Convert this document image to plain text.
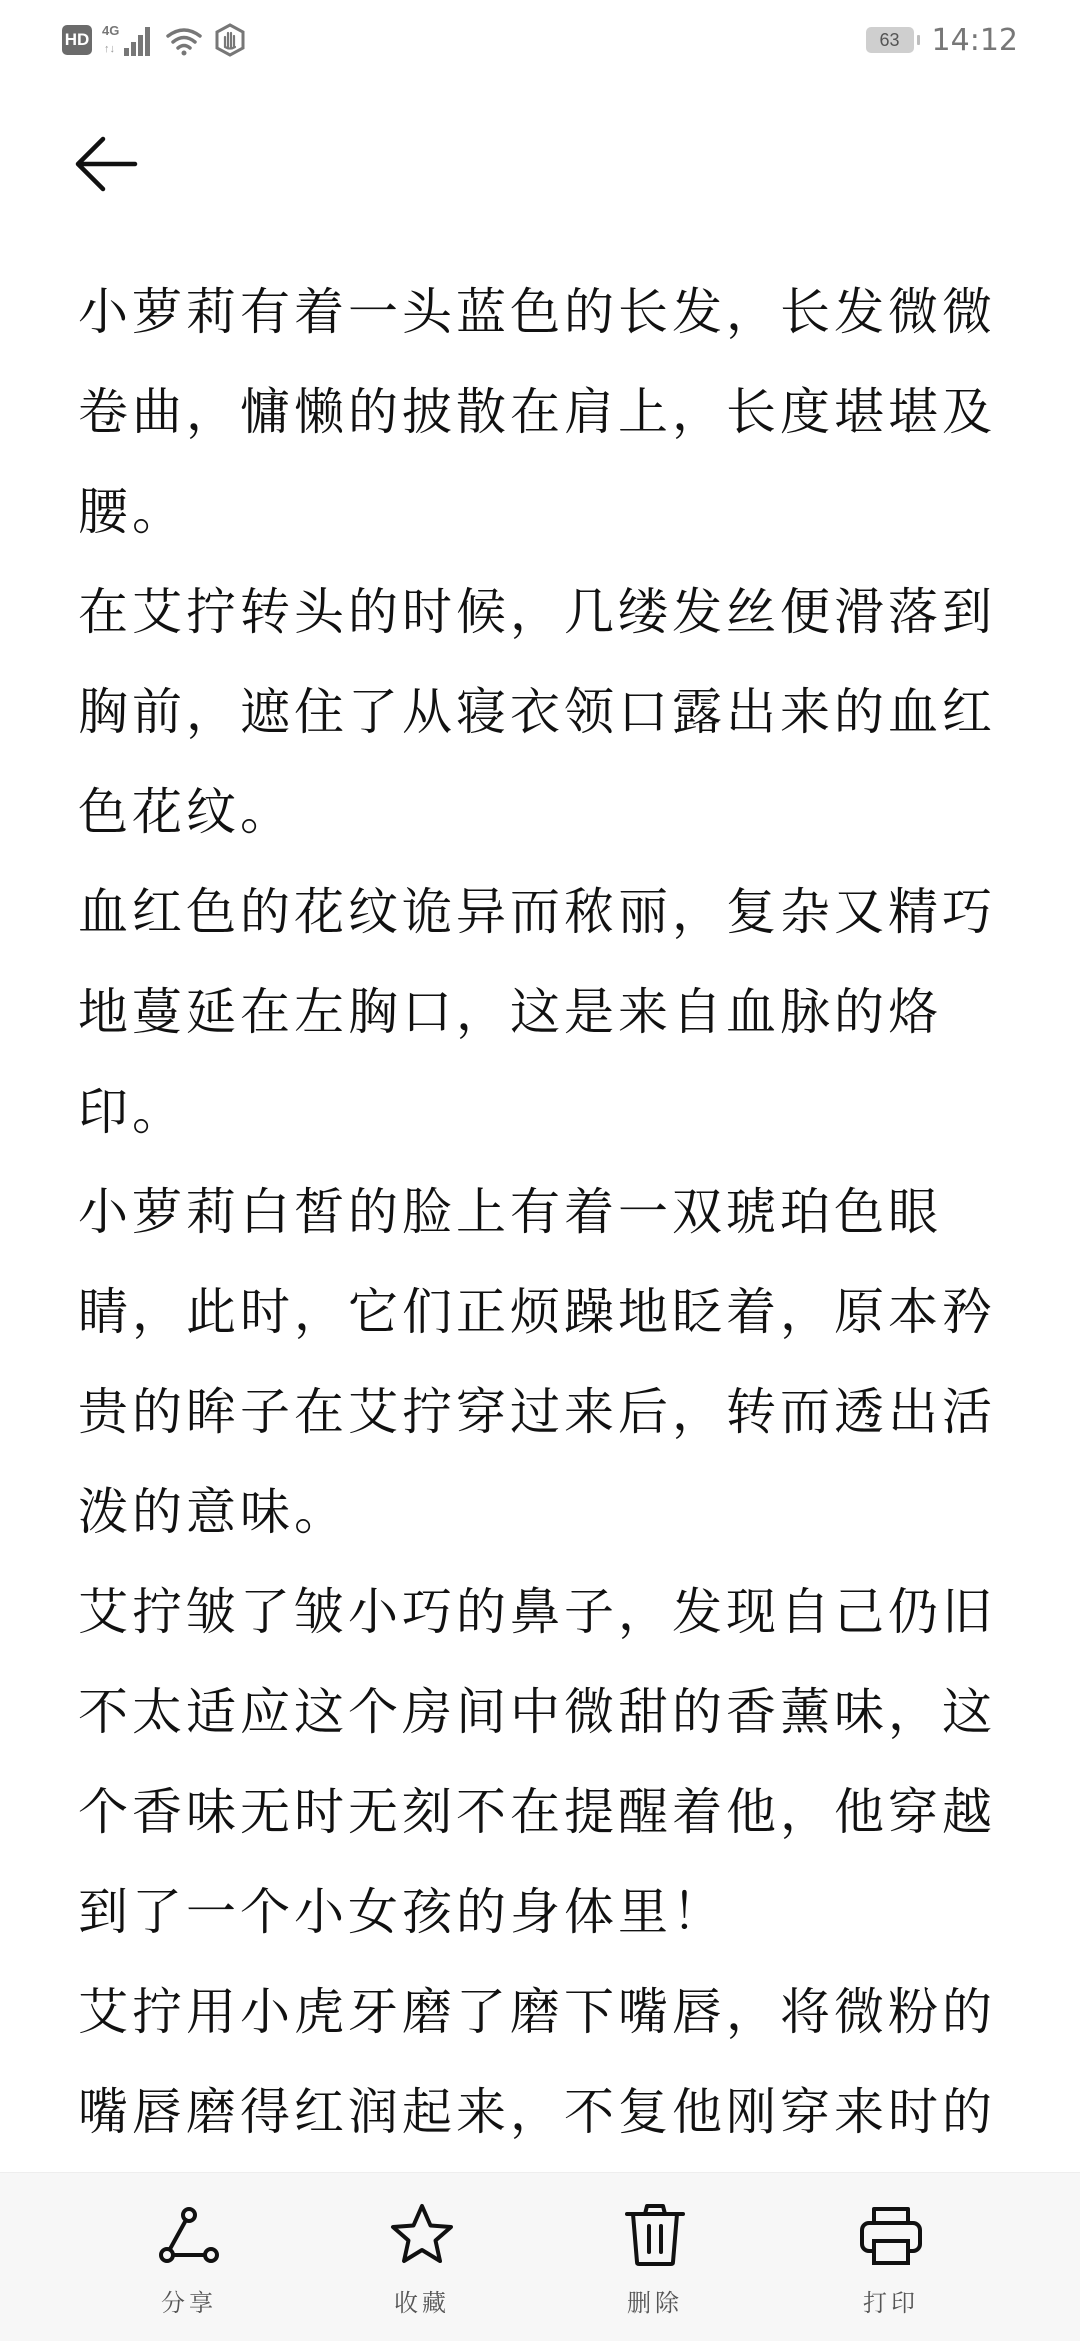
HD 4G
↑↓	63	14:12

小萝莉有着一头蓝色的长发，长发微微卷曲，慵懒的披散在肩上，长度堪堪及腰。

在艾拧转头的时候，几缕发丝便滑落到胸前，遮住了从寝衣领口露出来的血红色花纹。

血红色的花纹诡异而秾丽，复杂又精巧地蔓延在左胸口，这是来自血脉的烙印。

小萝莉白皙的脸上有着一双琥珀色眼睛，此时，它们正烦躁地眨着，原本矜贵的眸子在艾拧穿过来后，转而透出活泼的意味。

艾拧皱了皱小巧的鼻子，发现自己仍旧不太适应这个房间中微甜的香薰味，这个香味无时无刻不在提醒着他，他穿越到了一个小女孩的身体里！

艾拧用小虎牙磨了磨下嘴唇，将微粉的嘴唇磨得红润起来，不复他刚穿来时的

分享	收藏	删除	打印
